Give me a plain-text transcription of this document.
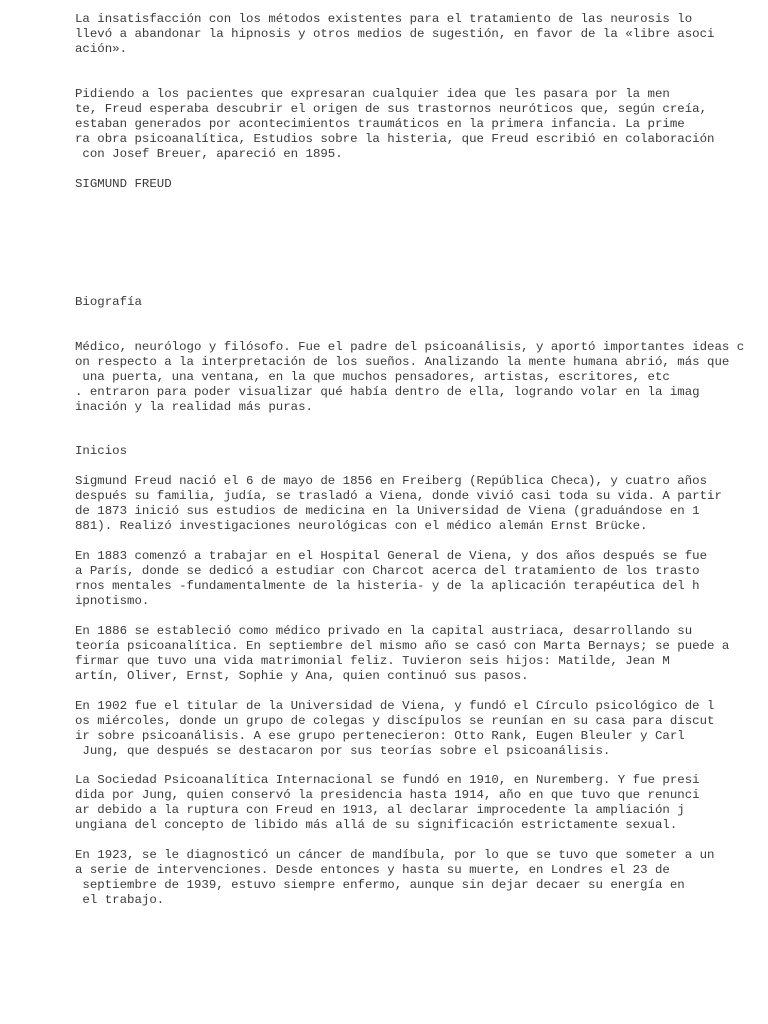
La insatisfacción con los métodos existentes para el tratamiento de las neurosis lo
llevó a abandonar la hipnosis y otros medios de sugestión, en favor de la «libre asoci
ación».

Pidiendo a los pacientes que expresaran cualquier idea que les pasara por la men
te, Freud esperaba descubrir el origen de sus trastornos neuróticos que, según creía,
estaban generados por acontecimientos traumáticos en la primera infancia. La prime
ra obra psicoanalítica, Estudios sobre la histeria, que Freud escribió en colaboración
con Josef Breuer, apareció en 1895.

SIGMUND FREUD

Biografía

Médico, neurólogo y filósofo. Fue el padre del psicoanálisis, y aportó importantes ideas c
on respecto a la interpretación de los sueños. Analizando la mente humana abrió, más que
una puerta, una ventana, en la que muchos pensadores, artistas, escritores, etc
. entraron para poder visualizar qué había dentro de ella, logrando volar en la imag
inación y la realidad más puras.

Inicios

Sigmund Freud nació el 6 de mayo de 1856 en Freiberg (República Checa), y cuatro años
después su familia, judía, se trasladó a Viena, donde vivió casi toda su vida. A partir
de 1873 inició sus estudios de medicina en la Universidad de Viena (graduándose en 1
881). Realizó investigaciones neurológicas con el médico alemán Ernst Brücke.

En 1883 comenzó a trabajar en el Hospital General de Viena, y dos años después se fue
a París, donde se dedicó a estudiar con Charcot acerca del tratamiento de los trasto
rnos mentales -fundamentalmente de la histeria- y de la aplicación terapéutica del h
ipnotismo.

En 1886 se estableció como médico privado en la capital austriaca, desarrollando su
teoría psicoanalítica. En septiembre del mismo año se casó con Marta Bernays; se puede a
firmar que tuvo una vida matrimonial feliz. Tuvieron seis hijos: Matilde, Jean M
artín, Oliver, Ernst, Sophie y Ana, quien continuó sus pasos.

En 1902 fue el titular de la Universidad de Viena, y fundó el Círculo psicológico de l
os miércoles, donde un grupo de colegas y discípulos se reunían en su casa para discut
ir sobre psicoanálisis. A ese grupo pertenecieron: Otto Rank, Eugen Bleuler y Carl
Jung, que después se destacaron por sus teorías sobre el psicoanálisis.

La Sociedad Psicoanalítica Internacional se fundó en 1910, en Nuremberg. Y fue presi
dida por Jung, quien conservó la presidencia hasta 1914, año en que tuvo que renunci
ar debido a la ruptura con Freud en 1913, al declarar improcedente la ampliación j
ungiana del concepto de libido más allá de su significación estrictamente sexual.

En 1923, se le diagnosticó un cáncer de mandíbula, por lo que se tuvo que someter a un
a serie de intervenciones. Desde entonces y hasta su muerte, en Londres el 23 de
septiembre de 1939, estuvo siempre enfermo, aunque sin dejar decaer su energía en
el trabajo.
